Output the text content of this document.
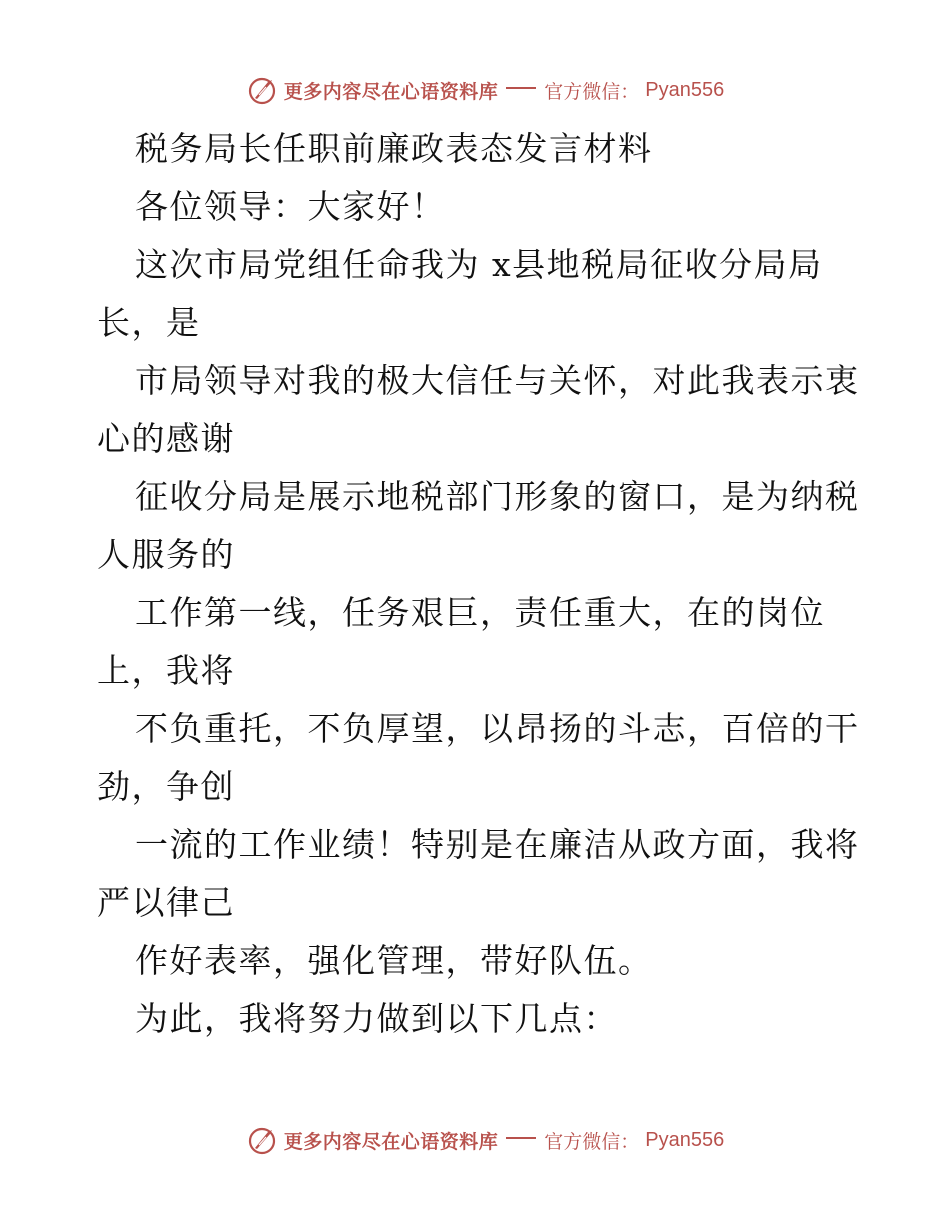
更多内容尽在心语资料库 官方微信： Pyan556
税务局长任职前廉政表态发言材料
各位领导：大家好！
这次市局党组任命我为 x县地税局征收分局局
长，是
市局领导对我的极大信任与关怀，对此我表示衷
心的感谢
征收分局是展示地税部门形象的窗口，是为纳税
人服务的
工作第一线，任务艰巨，责任重大，在的岗位
上，我将
不负重托，不负厚望，以昂扬的斗志，百倍的干
劲，争创
一流的工作业绩！特别是在廉洁从政方面，我将
严以律己
作好表率，强化管理，带好队伍。
为此，我将努力做到以下几点：
更多内容尽在心语资料库 官方微信： Pyan556
